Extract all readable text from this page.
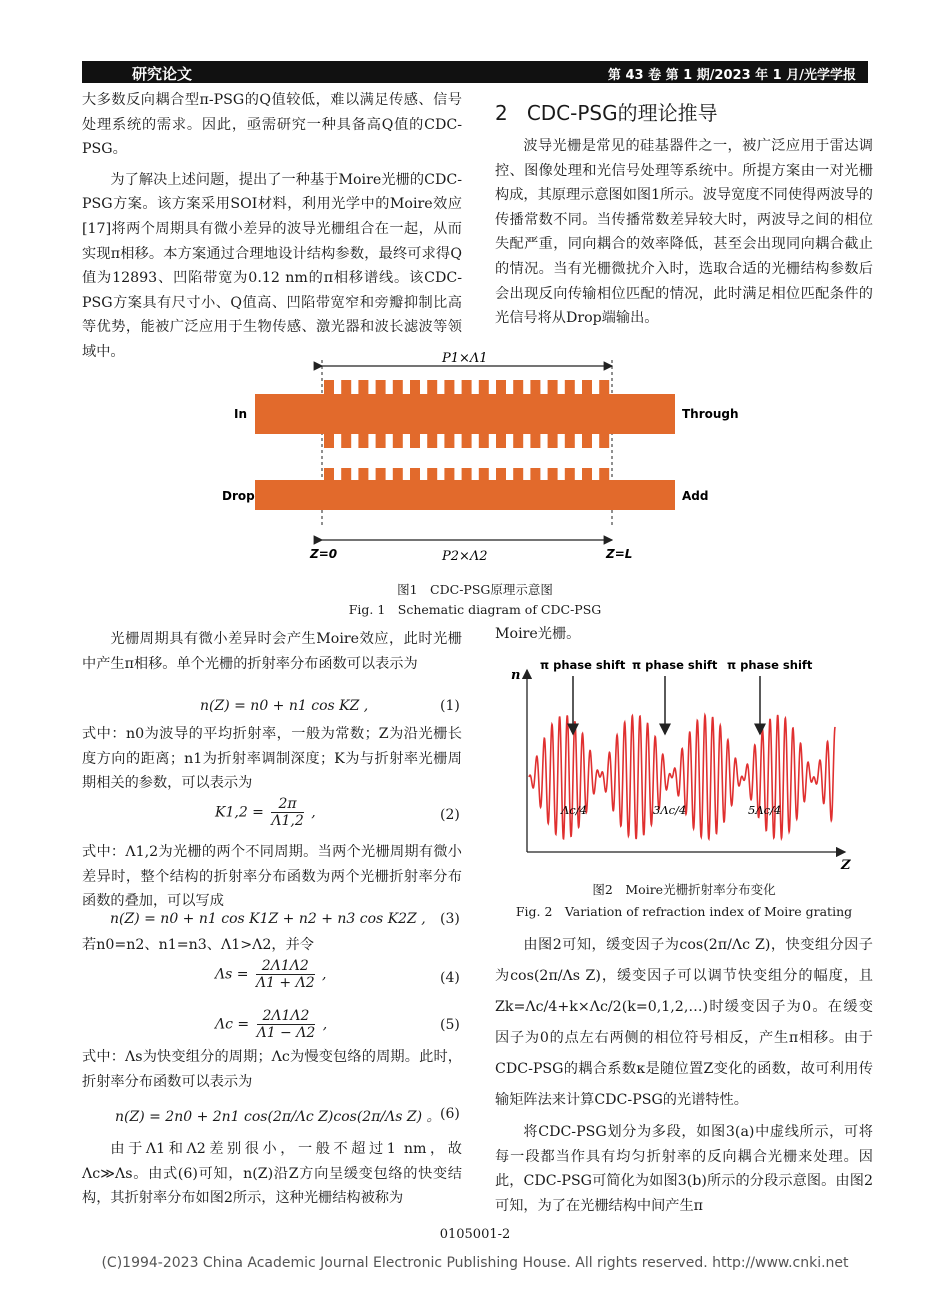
研究论文	第 43 卷 第 1 期/2023 年 1 月/光学学报

大多数反向耦合型π-PSG的Q值较低，难以满足传感、信号处理系统的需求。因此，亟需研究一种具备高Q值的CDC-PSG。

为了解决上述问题，提出了一种基于Moire光栅的CDC-PSG方案。该方案采用SOI材料，利用光学中的Moire效应[17]将两个周期具有微小差异的波导光栅组合在一起，从而实现π相移。本方案通过合理地设计结构参数，最终可求得Q值为12893、凹陷带宽为0.12 nm的π相移谱线。该CDC-PSG方案具有尺寸小、Q值高、凹陷带宽窄和旁瓣抑制比高等优势，能被广泛应用于生物传感、激光器和波长滤波等领域中。

2 CDC-PSG的理论推导

波导光栅是常见的硅基器件之一，被广泛应用于雷达调控、图像处理和光信号处理等系统中。所提方案由一对光栅构成，其原理示意图如图1所示。波导宽度不同使得两波导的传播常数不同。当传播常数差异较大时，两波导之间的相位失配严重，同向耦合的效率降低，甚至会出现同向耦合截止的情况。当有光栅微扰介入时，选取合适的光栅结构参数后会出现反向传输相位匹配的情况，此时满足相位匹配条件的光信号将从Drop端输出。

P1×Λ1
In	Through
Drop	Add
P2×Λ2
Z=0	Z=L
图1　CDC-PSG原理示意图
Fig. 1　Schematic diagram of CDC-PSG
光栅周期具有微小差异时会产生Moire效应，此时光栅中产生π相移。单个光栅的折射率分布函数可以表示为
n(Z) = n0 + n1 cos KZ ,	(1)
式中：n0为波导的平均折射率，一般为常数；Z为沿光栅长度方向的距离；n1为折射率调制深度；K为与折射率光栅周期相关的参数，可以表示为
$K1,2 = \frac{2\pi}{\Lambda 1,2}$ ,	(2)
式中：Λ1,2为光栅的两个不同周期。当两个光栅周期有微小差异时，整个结构的折射率分布函数为两个光栅折射率分布函数的叠加，可以写成
n(Z) = n0 + n1 cos K1Z + n2 + n3 cos K2Z , (3)
若n0=n2、n1=n3、Λ1>Λ2，并令
$\Lambda s = \frac{2\Lambda 1\Lambda 2}{\Lambda 1 + \Lambda 2}$ ,	(4)
$\Lambda c = \frac{2\Lambda 1\Lambda 2}{\Lambda 1 - \Lambda 2}$ ,	(5)
式中：Λs为快变组分的周期；Λc为慢变包络的周期。此时，折射率分布函数可以表示为
n(Z) = 2n0 + 2n1 cos(2π/Λc Z)cos(2π/Λs Z) 。 (6)
由于Λ1和Λ2差别很小，一般不超过1 nm，故Λc≫Λs。由式(6)可知，n(Z)沿Z方向呈缓变包络的快变结构，其折射率分布如图2所示，这种光栅结构被称为
Moire光栅。
n
Z
π phase shift
Λc/4
π phase shift
3Λc/4
π phase shift
5Λc/4
图2　Moire光栅折射率分布变化
Fig. 2　Variation of refraction index of Moire grating
由图2可知，缓变因子为cos(2π/Λc Z)，快变组分因子为cos(2π/Λs Z)，缓变因子可以调节快变组分的幅度，且Zk=Λc/4+k×Λc/2(k=0,1,2,…)时缓变因子为0。在缓变因子为0的点左右两侧的相位符号相反，产生π相移。由于CDC-PSG的耦合系数κ是随位置Z变化的函数，故可利用传输矩阵法来计算CDC-PSG的光谱特性。
将CDC-PSG划分为多段，如图3(a)中虚线所示，可将每一段都当作具有均匀折射率的反向耦合光栅来处理。因此，CDC-PSG可简化为如图3(b)所示的分段示意图。由图2可知，为了在光栅结构中间产生π
0105001-2
(C)1994-2023 China Academic Journal Electronic Publishing House. All rights reserved. http://www.cnki.net
